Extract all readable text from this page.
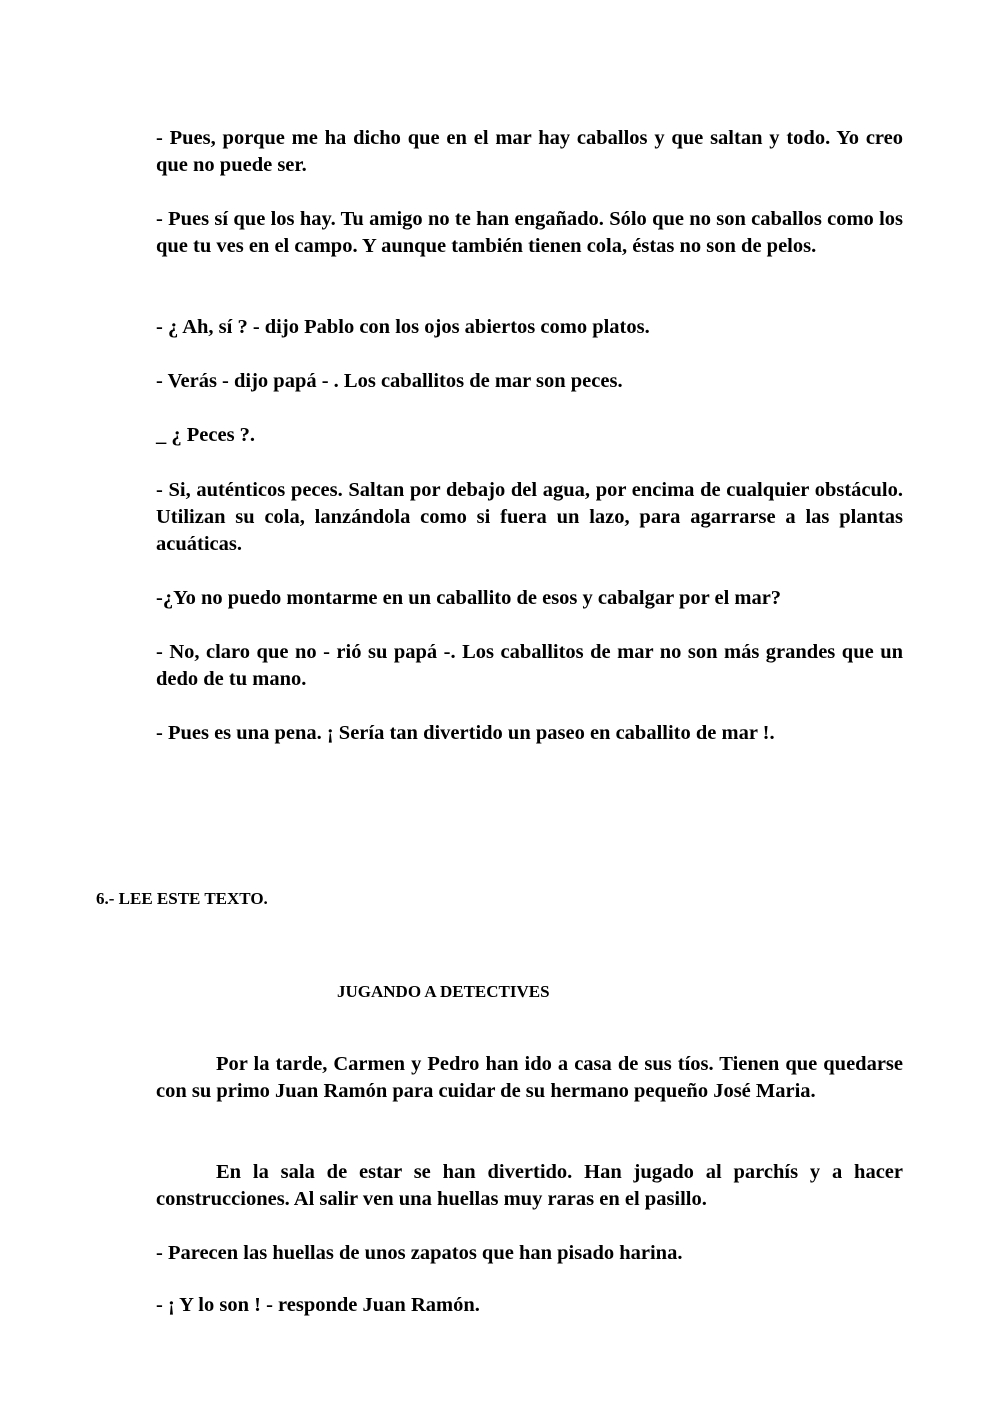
- Pues, porque me ha dicho que en el mar hay caballos y que saltan y todo. Yo creo que no puede ser.

- Pues sí que los hay. Tu amigo no te han engañado. Sólo que no son caballos como los que tu ves en el campo. Y aunque también tienen cola, éstas no son de pelos.

- ¿ Ah, sí ? - dijo Pablo con los ojos abiertos como platos.

- Verás - dijo papá - . Los caballitos de mar son peces.

_ ¿ Peces ?.

- Si, auténticos peces. Saltan por debajo del agua, por encima de cualquier obstáculo. Utilizan su cola, lanzándola como si fuera un lazo, para agarrarse a las plantas acuáticas.

-¿Yo no puedo montarme en un caballito de esos y cabalgar por el mar?

- No, claro que no - rió su papá -. Los caballitos de mar no son más grandes que un dedo de tu mano.

- Pues es una pena. ¡ Sería tan divertido un paseo en caballito de mar !.

6.- LEE ESTE TEXTO.
JUGANDO A DETECTIVES

Por la tarde, Carmen y Pedro han ido a casa de sus tíos. Tienen que quedarse con su primo Juan Ramón para cuidar de su hermano pequeño José Maria.

En la sala de estar se han divertido. Han jugado al parchís y a hacer construcciones. Al salir ven una huellas muy raras en el pasillo.

- Parecen las huellas de unos zapatos que han pisado harina.

- ¡ Y lo son ! - responde Juan Ramón.
